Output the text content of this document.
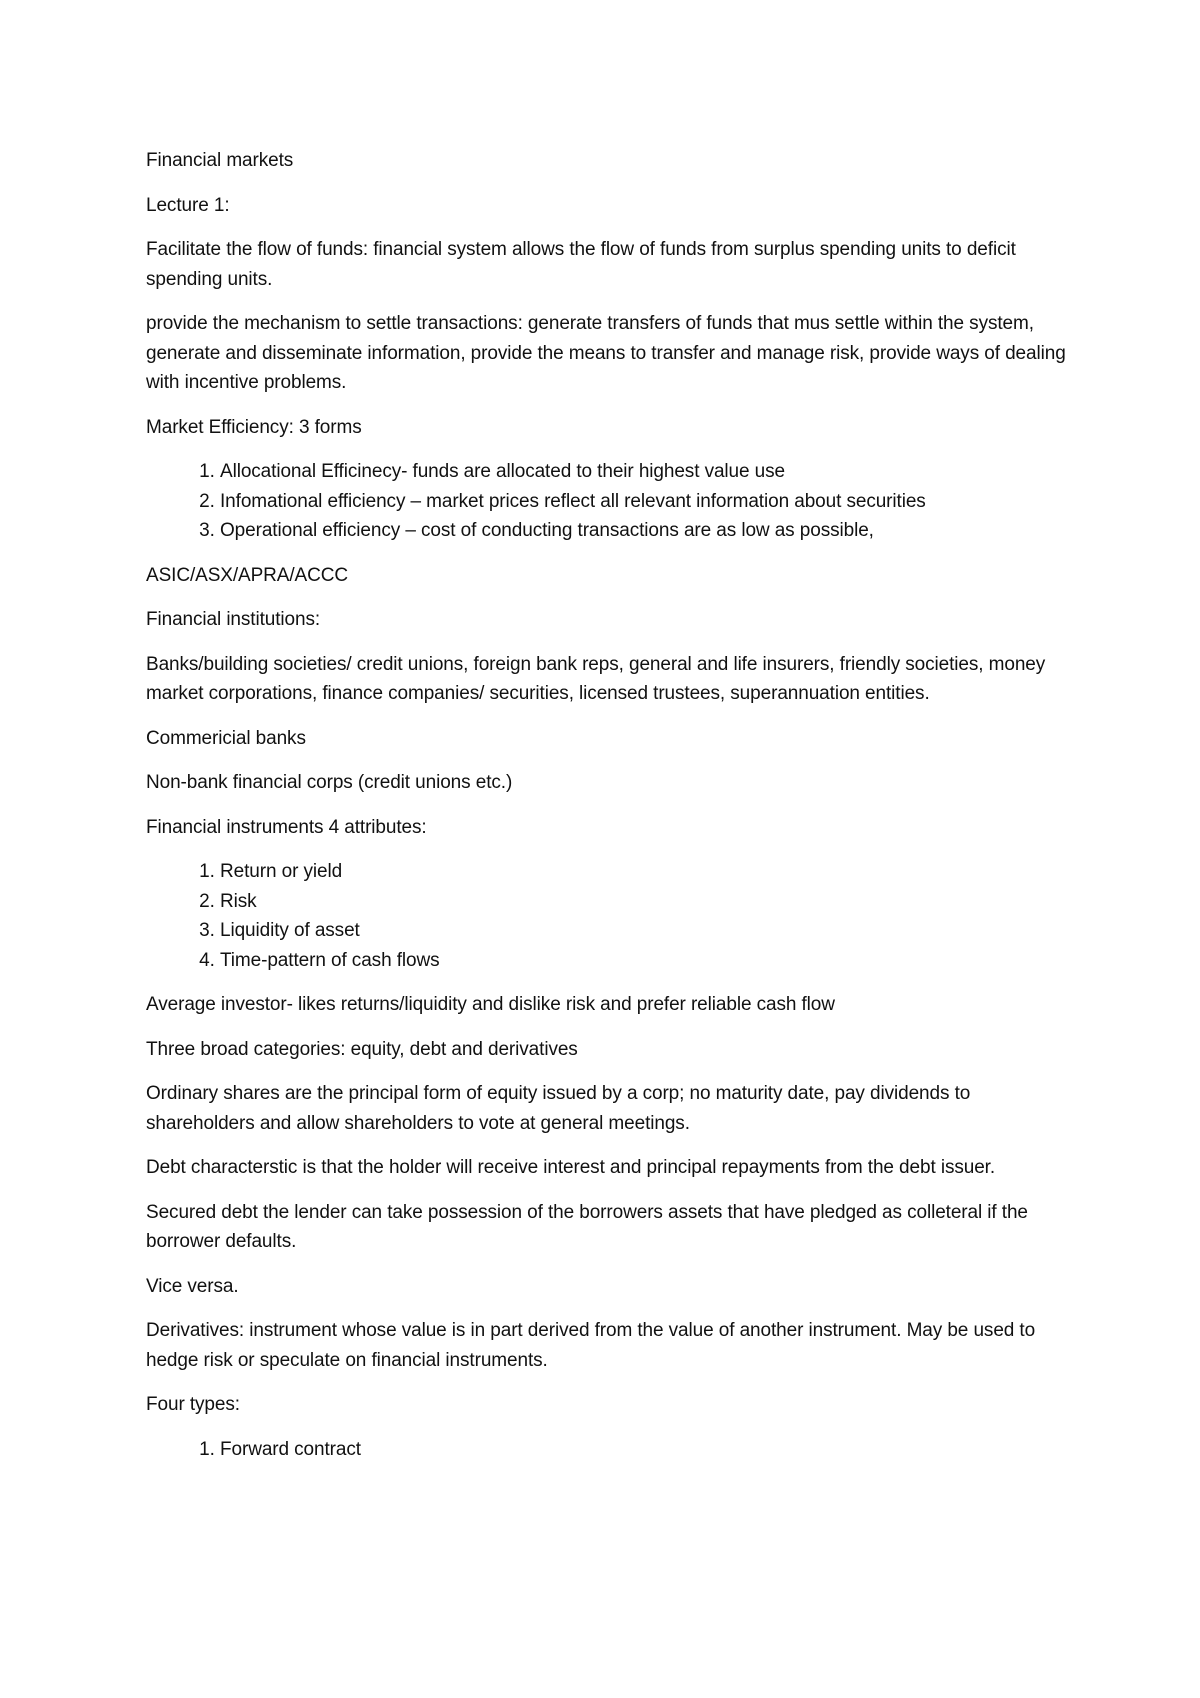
Financial markets

Lecture 1:

Facilitate the flow of funds: financial system allows the flow of funds from surplus spending units to deficit spending units.

provide the mechanism to settle transactions: generate transfers of funds that mus settle within the system, generate and disseminate information, provide the means to transfer and manage risk, provide ways of dealing with incentive problems.

Market Efficiency: 3 forms

1. Allocational Efficinecy- funds are allocated to their highest value use
2. Infomational efficiency – market prices reflect all relevant information about securities
3. Operational efficiency – cost of conducting transactions are as low as possible,

ASIC/ASX/APRA/ACCC

Financial institutions:

Banks/building societies/ credit unions, foreign bank reps, general and life insurers, friendly societies, money market corporations, finance companies/ securities, licensed trustees, superannuation entities.

Commericial banks

Non-bank financial corps (credit unions etc.)

Financial instruments 4 attributes:

1. Return or yield
2. Risk
3. Liquidity of asset
4. Time-pattern of cash flows

Average investor- likes returns/liquidity and dislike risk and prefer reliable cash flow

Three broad categories: equity, debt and derivatives

Ordinary shares are the principal form of equity issued by a corp; no maturity date, pay dividends to shareholders and allow shareholders to vote at general meetings.

Debt characterstic is that the holder will receive interest and principal repayments from the debt issuer.

Secured debt the lender can take possession of the borrowers assets that have pledged as colleteral if the borrower defaults.

Vice versa.

Derivatives: instrument whose value is in part derived from the value of another instrument. May be used to hedge risk or speculate on financial instruments.

Four types:

1. Forward contract
